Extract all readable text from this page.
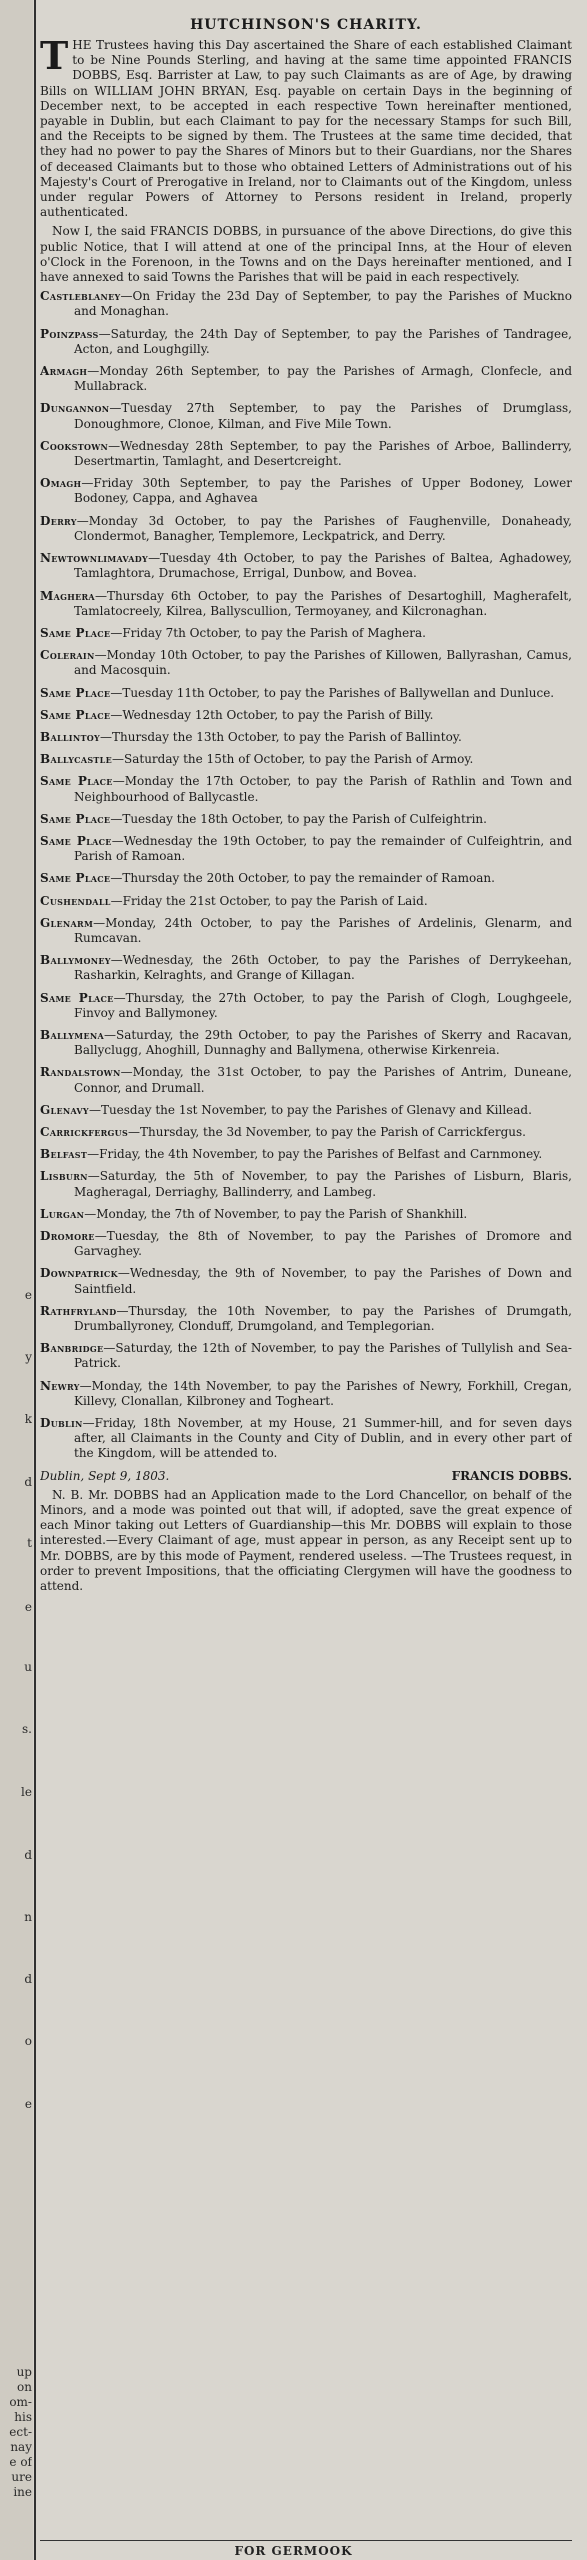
e
y
k
d
t
e
u
s.
le
d
n
d
o
e
up
on
om-
his
ect-
nay
e of
ure
ine
HUTCHINSON'S CHARITY.
T HE Trustees having this Day ascertained the Share of each established Claimant to be Nine Pounds Sterling, and having at the same time appointed FRANCIS DOBBS, Esq. Barrister at Law, to pay such Claimants as are of Age, by drawing Bills on WILLIAM JOHN BRYAN, Esq. payable on certain Days in the beginning of December next, to be accepted in each respective Town hereinafter mentioned, payable in Dublin, but each Claimant to pay for the necessary Stamps for such Bill, and the Receipts to be signed by them. The Trustees at the same time decided, that they had no power to pay the Shares of Minors but to their Guardians, nor the Shares of deceased Claimants but to those who obtained Letters of Administrations out of his Majesty's Court of Prerogative in Ireland, nor to Claimants out of the Kingdom, unless under regular Powers of Attorney to Persons resident in Ireland, properly authenticated.
Now I, the said FRANCIS DOBBS, in pursuance of the above Directions, do give this public Notice, that I will attend at one of the principal Inns, at the Hour of eleven o'Clock in the Forenoon, in the Towns and on the Days hereinafter mentioned, and I have annexed to said Towns the Parishes that will be paid in each respectively.
Castleblaney—On Friday the 23d Day of September, to pay the Parishes of Muckno and Monaghan.
Poinzpass—Saturday, the 24th Day of September, to pay the Parishes of Tandragee, Acton, and Loughgilly.
Armagh—Monday 26th September, to pay the Parishes of Armagh, Clonfecle, and Mullabrack.
Dungannon—Tuesday 27th September, to pay the Parishes of Drumglass, Donoughmore, Clonoe, Kilman, and Five Mile Town.
Cookstown—Wednesday 28th September, to pay the Parishes of Arboe, Ballinderry, Desertmartin, Tamlaght, and Desertcreight.
Omagh—Friday 30th September, to pay the Parishes of Upper Bodoney, Lower Bodoney, Cappa, and Aghavea
Derry—Monday 3d October, to pay the Parishes of Faughenville, Donaheady, Clondermot, Banagher, Templemore, Leckpatrick, and Derry.
Newtownlimavady—Tuesday 4th October, to pay the Parishes of Baltea, Aghadowey, Tamlaghtora, Drumachose, Errigal, Dunbow, and Bovea.
Maghera—Thursday 6th October, to pay the Parishes of Desartoghill, Magherafelt, Tamlatocreely, Kilrea, Ballyscullion, Termoyaney, and Kilcronaghan.
Same Place—Friday 7th October, to pay the Parish of Maghera.
Colerain—Monday 10th October, to pay the Parishes of Killowen, Ballyrashan, Camus, and Macosquin.
Same Place—Tuesday 11th October, to pay the Parishes of Ballywellan and Dunluce.
Same Place—Wednesday 12th October, to pay the Parish of Billy.
Ballintoy—Thursday the 13th October, to pay the Parish of Ballintoy.
Ballycastle—Saturday the 15th of October, to pay the Parish of Armoy.
Same Place—Monday the 17th October, to pay the Parish of Rathlin and Town and Neighbourhood of Ballycastle.
Same Place—Tuesday the 18th October, to pay the Parish of Culfeightrin.
Same Place—Wednesday the 19th October, to pay the remainder of Culfeightrin, and Parish of Ramoan.
Same Place—Thursday the 20th October, to pay the remainder of Ramoan.
Cushendall—Friday the 21st October, to pay the Parish of Laid.
Glenarm—Monday, 24th October, to pay the Parishes of Ardelinis, Glenarm, and Rumcavan.
Ballymoney—Wednesday, the 26th October, to pay the Parishes of Derrykeehan, Rasharkin, Kelraghts, and Grange of Killagan.
Same Place—Thursday, the 27th October, to pay the Parish of Clogh, Loughgeele, Finvoy and Ballymoney.
Ballymena—Saturday, the 29th October, to pay the Parishes of Skerry and Racavan, Ballyclugg, Ahoghill, Dunnaghy and Ballymena, otherwise Kirkenreia.
Randalstown—Monday, the 31st October, to pay the Parishes of Antrim, Duneane, Connor, and Drumall.
Glenavy—Tuesday the 1st November, to pay the Parishes of Glenavy and Killead.
Carrickfergus—Thursday, the 3d November, to pay the Parish of Carrickfergus.
Belfast—Friday, the 4th November, to pay the Parishes of Belfast and Carnmoney.
Lisburn—Saturday, the 5th of November, to pay the Parishes of Lisburn, Blaris, Magheragal, Derriaghy, Ballinderry, and Lambeg.
Lurgan—Monday, the 7th of November, to pay the Parish of Shankhill.
Dromore—Tuesday, the 8th of November, to pay the Parishes of Dromore and Garvaghey.
Downpatrick—Wednesday, the 9th of November, to pay the Parishes of Down and Saintfield.
Rathfryland—Thursday, the 10th November, to pay the Parishes of Drumgath, Drumballyroney, Clonduff, Drumgoland, and Templegorian.
Banbridge—Saturday, the 12th of November, to pay the Parishes of Tullylish and Sea-Patrick.
Newry—Monday, the 14th November, to pay the Parishes of Newry, Forkhill, Cregan, Killevy, Clonallan, Kilbroney and Togheart.
Dublin—Friday, 18th November, at my House, 21 Summer-hill, and for seven days after, all Claimants in the County and City of Dublin, and in every other part of the Kingdom, will be attended to.
Dublin, Sept 9, 1803.	FRANCIS DOBBS.
N. B. Mr. DOBBS had an Application made to the Lord Chancellor, on behalf of the Minors, and a mode was pointed out that will, if adopted, save the great expence of each Minor taking out Letters of Guardianship—this Mr. DOBBS will explain to those interested.—Every Claimant of age, must appear in person, as any Receipt sent up to Mr. DOBBS, are by this mode of Payment, rendered useless. —The Trustees request, in order to prevent Impositions, that the officiating Clergymen will have the goodness to attend.
FOR GERMOOK
